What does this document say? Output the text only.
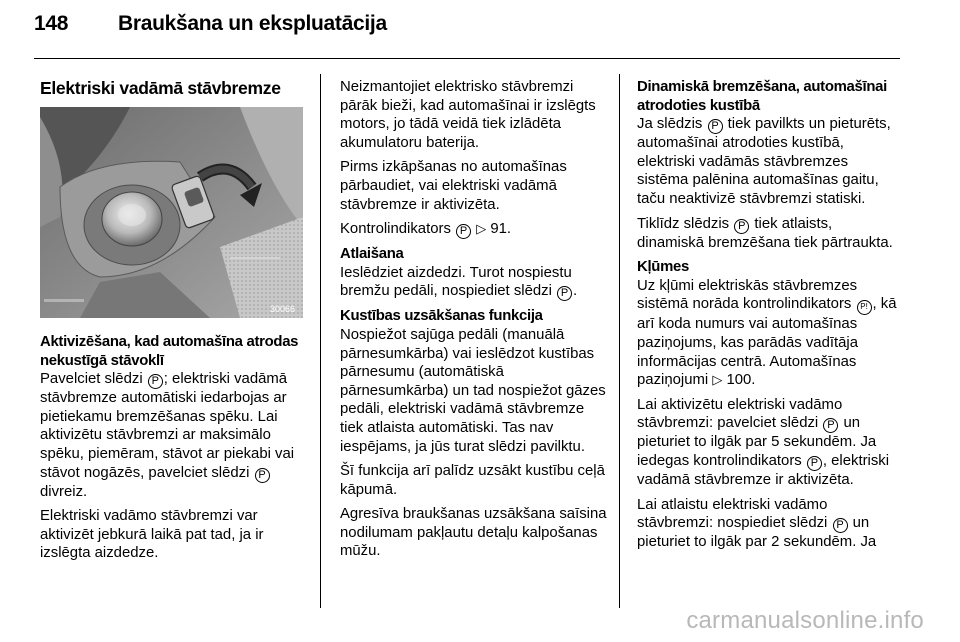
148 Braukšana un ekspluatācija
Elektriski vadāmā stāvbremze
30066
Aktivizēšana, kad automašīna atrodas nekustīgā stāvoklī

Pavelciet slēdzi P ; elektriski vadāmā stāvbremze automātiski iedarbojas ar pietiekamu bremzēšanas spēku. Lai aktivizētu stāvbremzi ar maksimālo spēku, piemēram, stāvot ar piekabi vai stāvot nogāzēs, pavelciet slēdzi P divreiz.

Elektriski vadāmo stāvbremzi var aktivizēt jebkurā laikā pat tad, ja ir izslēgta aizdedze.

Neizmantojiet elektrisko stāvbremzi pārāk bieži, kad automašīnai ir izslēgts motors, jo tādā veidā tiek izlādēta akumulatoru baterija.

Pirms izkāpšanas no automašīnas pārbaudiet, vai elektriski vadāmā stāvbremze ir aktivizēta.

Kontrolindikators P ▷ 91.

Atlaišana

Ieslēdziet aizdedzi. Turot nospiestu bremžu pedāli, nospiediet slēdzi P .

Kustības uzsākšanas funkcija

Nospiežot sajūga pedāli (manuālā pārnesumkārba) vai ieslēdzot kustības pārnesumu (automātiskā pārnesumkārba) un tad nospiežot gāzes pedāli, elektriski vadāmā stāvbremze tiek atlaista automātiski. Tas nav iespējams, ja jūs turat slēdzi pavilktu.

Šī funkcija arī palīdz uzsākt kustību ceļā kāpumā.

Agresīva braukšanas uzsākšana saīsina nodilumam pakļautu detaļu kalpošanas mūžu.

Dinamiskā bremzēšana, automašīnai atrodoties kustībā

Ja slēdzis P tiek pavilkts un pieturēts, automašīnai atrodoties kustībā, elektriski vadāmās stāvbremzes sistēma palēnina automašīnas gaitu, taču neaktivizē stāvbremzi statiski.

Tiklīdz slēdzis P tiek atlaists, dinamiskā bremzēšana tiek pārtraukta.

Kļūmes

Uz kļūmi elektriskās stāvbremzes sistēmā norāda kontrolindikators P! , kā arī koda numurs vai automašīnas paziņojums, kas parādās vadītāja informācijas centrā. Automašīnas paziņojumi ▷ 100.

Lai aktivizētu elektriski vadāmo stāvbremzi: pavelciet slēdzi P un pieturiet to ilgāk par 5 sekundēm. Ja iedegas kontrolindikators P , elektriski vadāmā stāvbremze ir aktivizēta.

Lai atlaistu elektriski vadāmo stāvbremzi: nospiediet slēdzi P un pieturiet to ilgāk par 2 sekundēm. Ja

carmanualsonline.info
